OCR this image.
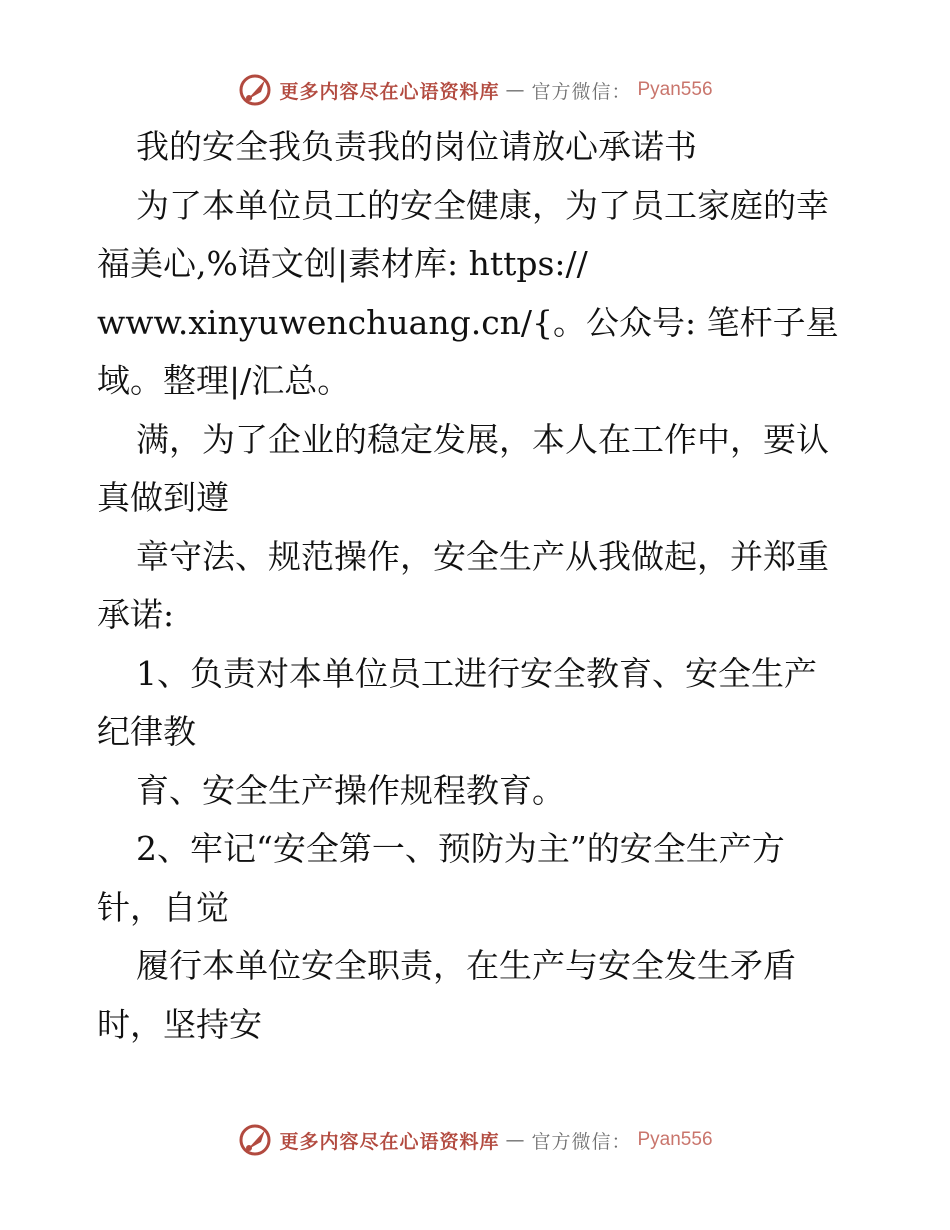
更多内容尽在心语资料库 — 官方微信： Pyan556
我的安全我负责我的岗位请放心承诺书
为了本单位员工的安全健康，为了员工家庭的幸
福美心,%语文创|素材库: https://
www.xinyuwenchuang.cn/{。公众号: 笔杆子星
域。整理|/汇总。
满，为了企业的稳定发展，本人在工作中，要认
真做到遵
章守法、规范操作，安全生产从我做起，并郑重
承诺:
1、负责对本单位员工进行安全教育、安全生产
纪律教
育、安全生产操作规程教育。
2、牢记“安全第一、预防为主”的安全生产方
针，自觉
履行本单位安全职责，在生产与安全发生矛盾
时，坚持安
更多内容尽在心语资料库 — 官方微信： Pyan556
